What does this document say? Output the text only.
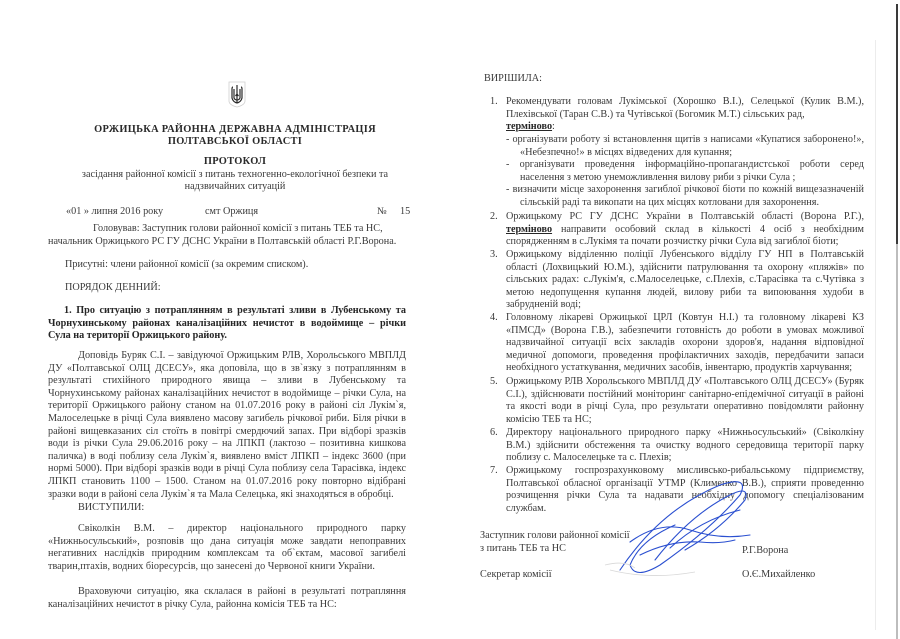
ОРЖИЦЬКА РАЙОННА ДЕРЖАВНА АДМІНІСТРАЦІЯ
ПОЛТАВСЬКОЇ ОБЛАСТІ
ПРОТОКОЛ
засідання районної комісії з питань техногенно-екологічної безпеки та
надзвичайних ситуацій
«01 » липня 2016 року	смт Оржиця	№ 15
Головував: Заступник голови районної комісії з питань ТЕБ та НС,
начальник Оржицького РС ГУ ДСНС України в Полтавській області Р.Г.Ворона.
Присутні: члени районної комісії (за окремим списком).
ПОРЯДОК ДЕННИЙ:
1. Про ситуацію з потраплянням в результаті зливи в Лубенському та Чорнухинському районах каналізаційних нечистот в водоймище – річки Сула на території Оржицького району.
Доповідь Буряк С.І. – завідуючої Оржицьким РЛВ, Хорольського МВПЛД ДУ «Полтавської ОЛЦ ДСЕСУ», яка доповіла, що в зв`язку з потраплянням в результаті стихійного природного явища – зливи в Лубенському та Чорнухинському районах каналізаційних нечистот в водоймище – річки Сула, на території Оржицького району станом на 01.07.2016 року в районі сіл Лукім`я, Малоселецьке в річці Сула виявлено масову загибель річкової риби. Біля річки в районі вищевказаних сіл стоїть в повітрі смердючий запах. При відборі зразків води із річки Сула 29.06.2016 року – на ЛПКП (лактозо – позитивна кишкова паличка) в воді поблизу села Лукім`я, виявлено вміст ЛПКП – індекс 3600 (при нормі 5000). При відборі зразків води в річці Сула поблизу села Тарасівка, індекс ЛПКП становить 1100 – 1500. Станом на 01.07.2016 року повторно відібрані зразки води в районі села Лукім`я та Мала Селецька, які знаходяться в обробці.
ВИСТУПИЛИ:
Свіколкін В.М. – директор національного природного парку «Нижньосульський», розповів що дана ситуація може завдати непоправних негативних наслідків природним комплексам та об`єктам, масової загибелі тварин,птахів, водних біоресурсів, що занесені до Червоної книги України.
Враховуючи ситуацію, яка склалася в районі в результаті потрапляння каналізаційних нечистот в річку Сула, районна комісія ТЕБ та НС:
ВИРІШИЛА:
1. Рекомендувати головам Лукімської (Хорошко В.І.), Селецької (Кулик В.М.), Плехівської (Таран С.В.) та Чутівської (Богомик М.Т.) сільських рад,
терміново:
- організувати роботу зі встановлення щитів з написами «Купатися заборонено!», «Небезпечно!» в місцях відведених для купання;
- організувати проведення інформаційно-пропагандистської роботи серед населення з метою унеможливлення вилову риби з річки Сула ;
- визначити місце захоронення загиблої річкової біоти по кожній вищезазначеній сільській раді та викопати на цих місцях котловани для захоронення.
2. Оржицькому РС ГУ ДСНС України в Полтавській області (Ворона Р.Г.), терміново направити особовий склад в кількості 4 осіб з необхідним спорядженням в с.Лукімя та почати розчистку річки Сула від загиблої біоти;
3. Оржицькому відділенню поліції Лубенського відділу ГУ НП в Полтавській області (Лохвицький Ю.М.), здійснити патрулювання та охорону «пляжів» по сільських радах: с.Лукім'я, с.Малоселецьке, с.Плехів, с.Тарасівка та с.Чутівка з метою недопущення купання людей, вилову риби та випоювання худоби в забрудненій воді;
4. Головному лікареві Оржицької ЦРЛ (Ковтун Н.І.) та головному лікареві КЗ «ПМСД» (Ворона Г.В.), забезпечити готовність до роботи в умовах можливої надзвичайної ситуації всіх закладів охорони здоров'я, надання відповідної медичної допомоги, проведення профілактичних заходів, передбачити запаси необхідного устаткування, медичних засобів, інвентарю, продуктів харчування;
5. Оржицькому РЛВ Хорольського МВПЛД ДУ «Полтавського ОЛЦ ДСЕСУ» (Буряк С.І.), здійснювати постійний моніторинг санітарно-епідемічної ситуації в районі та якості води в річці Сула, про результати оперативно повідомляти районну комісію ТЕБ та НС;
6. Директору національного природного парку «Нижньосульський» (Свіколкіну В.М.) здійснити обстеження та очистку водного середовища території парку поблизу с. Малоселецьке та с. Плехів;
7. Оржицькому госпрозрахунковому мисливсько-рибальському підприємству, Полтавської обласної організації УТМР (Клименко В.В.), сприяти проведенню розчищення річки Сула та надавати необхідну допомогу спеціалізованим службам.
Заступник голови районної комісії
з питань ТЕБ та НС	Р.Г.Ворона
Секретар комісії	О.Є.Михайленко
